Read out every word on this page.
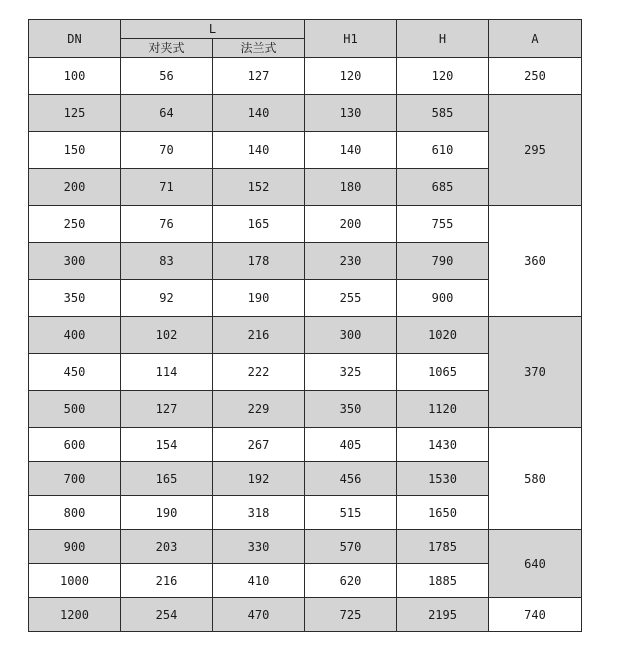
DN	L		H1	H	A
	对夹式	法兰式			
100	56	127	120	120	250
125	64	140	130	585	295
150	70	140	140	610	
200	71	152	180	685	
250	76	165	200	755	360
300	83	178	230	790	
350	92	190	255	900	
400	102	216	300	1020	370
450	114	222	325	1065	
500	127	229	350	1120	
600	154	267	405	1430	580
700	165	192	456	1530	
800	190	318	515	1650	
900	203	330	570	1785	640
1000	216	410	620	1885	
1200	254	470	725	2195	740
